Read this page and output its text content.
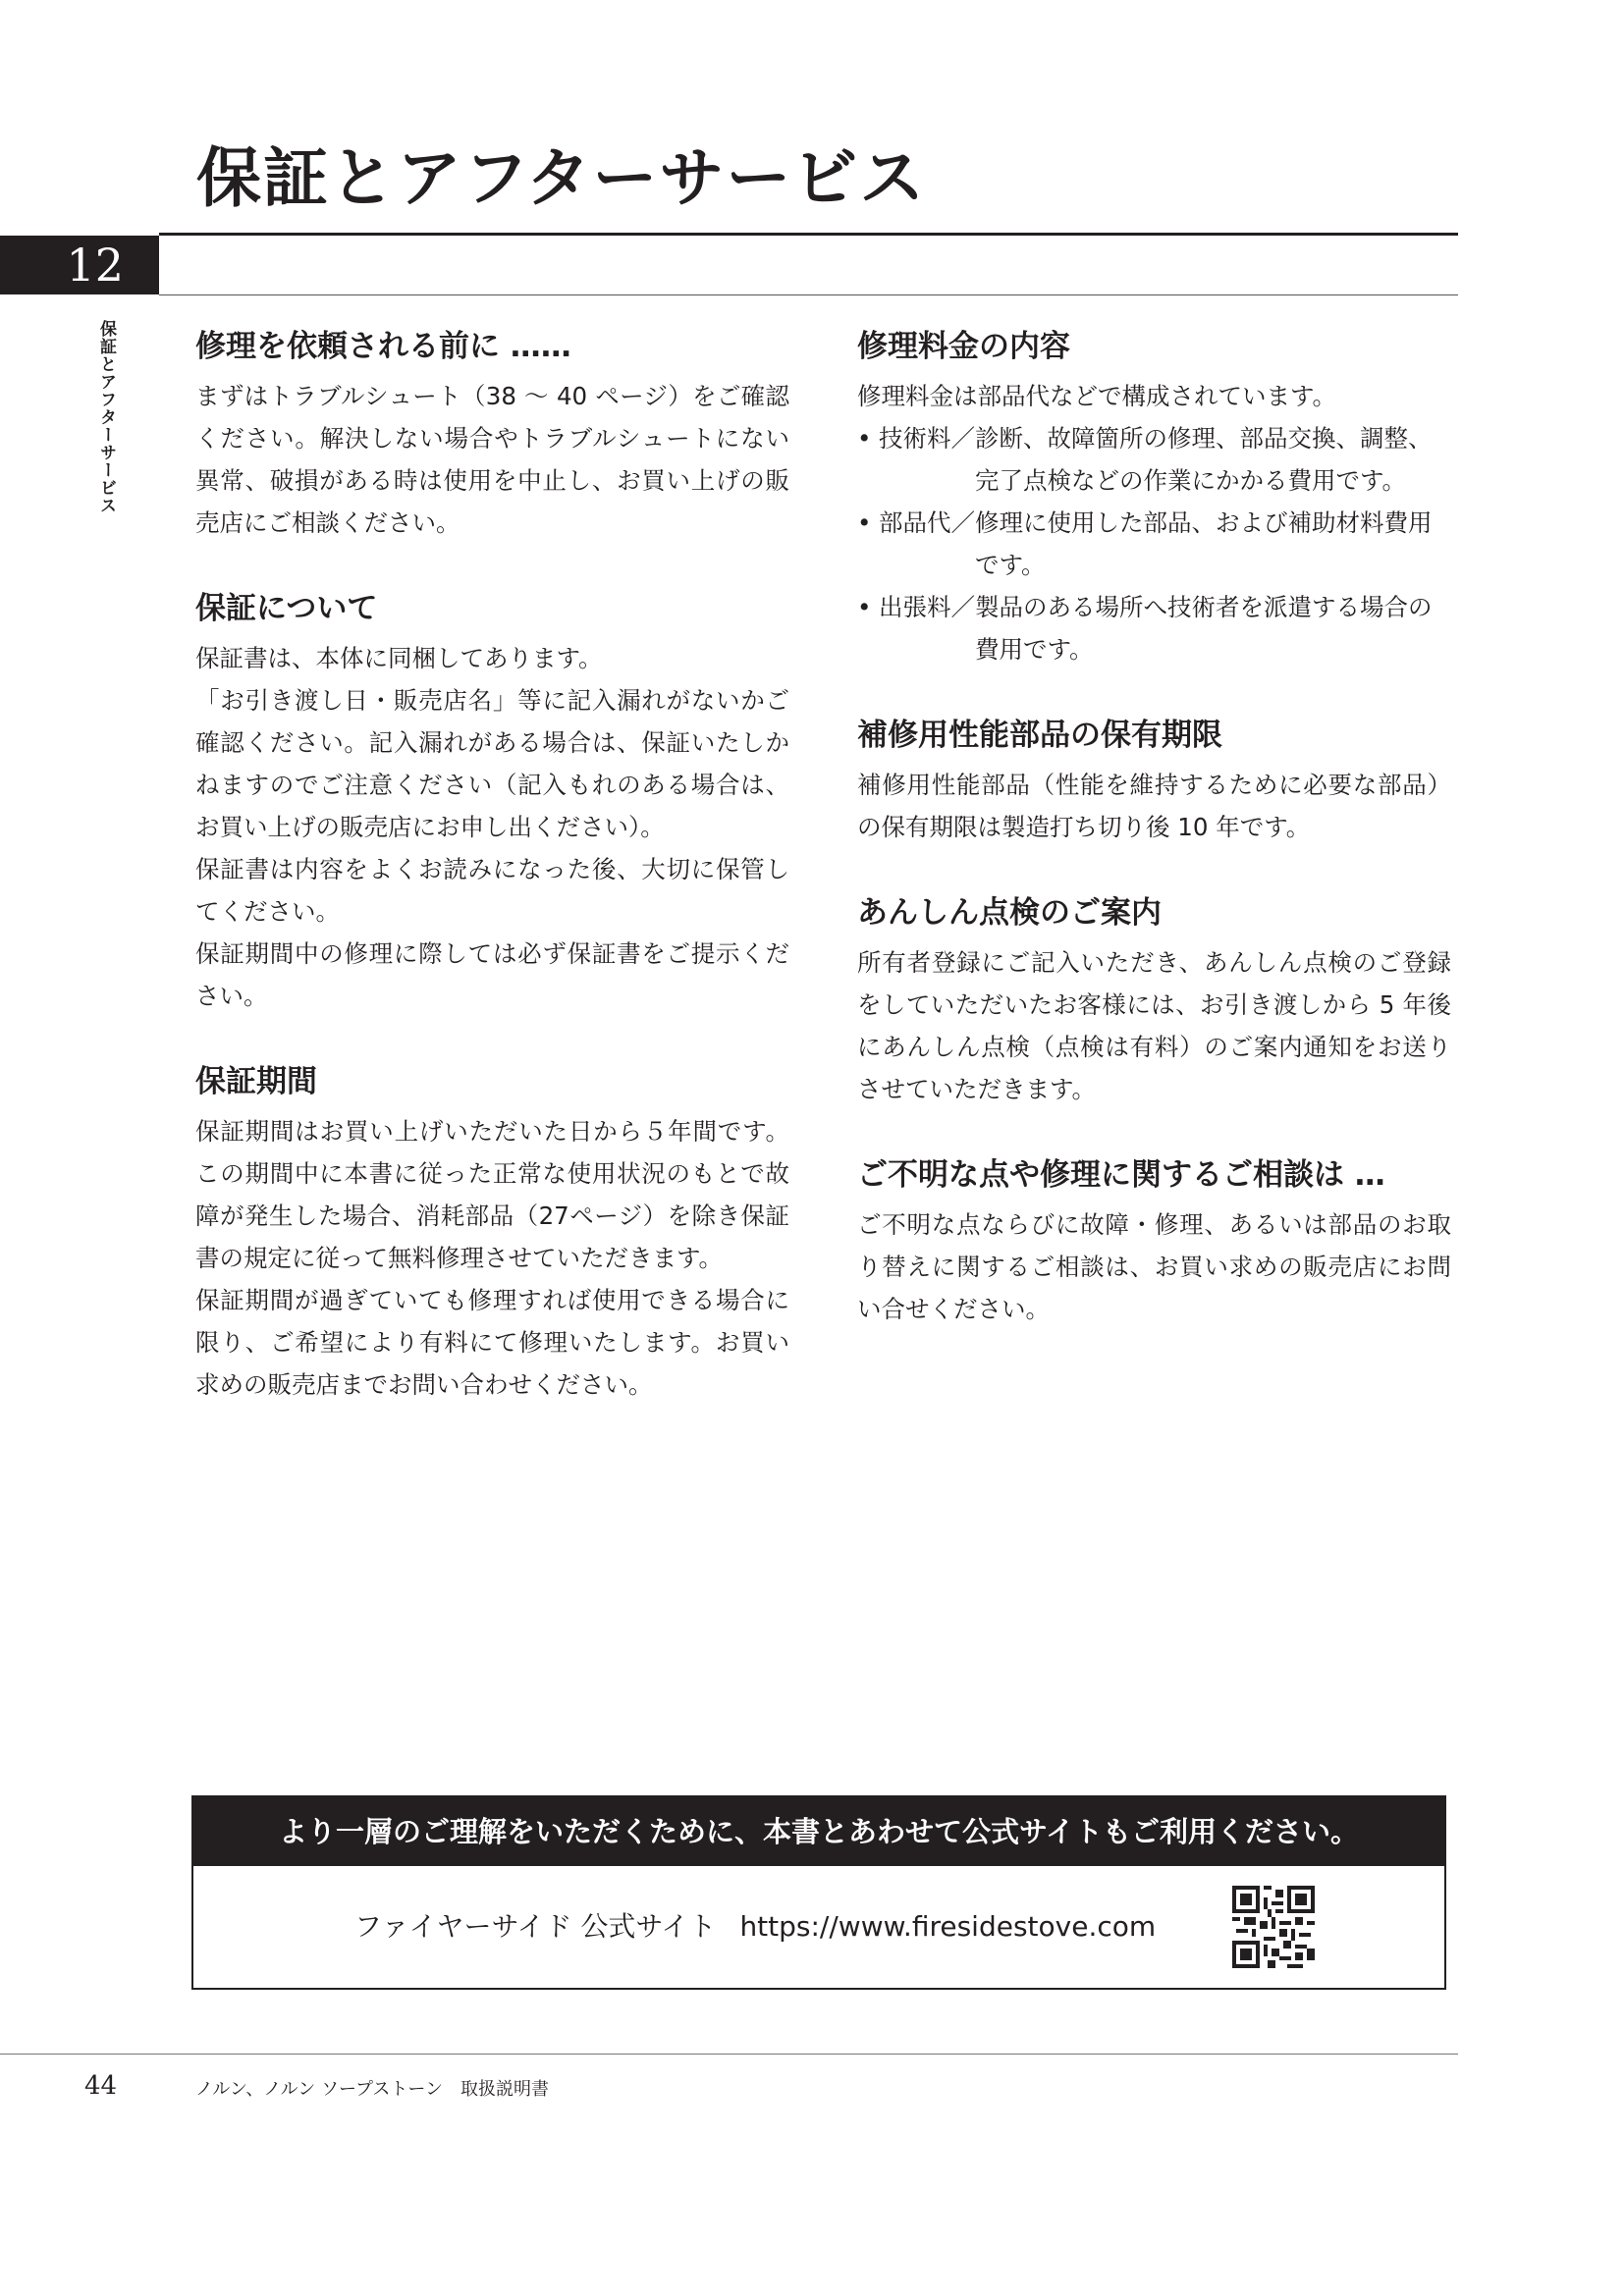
保証とアフターサービス
12
保証とアフターサービス	修理を依頼される前に ……

まずはトラブルシュート（38 ～ 40 ページ）をご確認ください。解決しない場合やトラブルシュートにない異常、破損がある時は使用を中止し、お買い上げの販売店にご相談ください。

保証について

保証書は、本体に同梱してあります。

「お引き渡し日・販売店名」等に記入漏れがないかご確認ください。記入漏れがある場合は、保証いたしかねますのでご注意ください（記入もれのある場合は、お買い上げの販売店にお申し出ください）。

保証書は内容をよくお読みになった後、大切に保管してください。

保証期間中の修理に際しては必ず保証書をご提示ください。

保証期間

保証期間はお買い上げいただいた日から５年間です。この期間中に本書に従った正常な使用状況のもとで故障が発生した場合、消耗部品（27ページ）を除き保証書の規定に従って無料修理させていただきます。

保証期間が過ぎていても修理すれば使用できる場合に限り、ご希望により有料にて修理いたします。お買い求めの販売店までお問い合わせください。

修理料金の内容

修理料金は部品代などで構成されています。

• 技術料／ 診断、故障箇所の修理、部品交換、調整、完了点検などの作業にかかる費用です。
• 部品代／ 修理に使用した部品、および補助材料費用です。
• 出張料／ 製品のある場所へ技術者を派遣する場合の費用です。
補修用性能部品の保有期限

補修用性能部品（性能を維持するために必要な部品）の保有期限は製造打ち切り後 10 年です。

あんしん点検のご案内

所有者登録にご記入いただき、あんしん点検のご登録をしていただいたお客様には、お引き渡しから 5 年後にあんしん点検（点検は有料）のご案内通知をお送りさせていただきます。

ご不明な点や修理に関するご相談は …

ご不明な点ならびに故障・修理、あるいは部品のお取り替えに関するご相談は、お買い求めの販売店にお問い合せください。

より一層のご理解をいただくために、本書とあわせて公式サイトもご利用ください。
ファイヤーサイド 公式サイト https://www.firesidestove.com
44	ノルン、ノルン ソープストーン　取扱説明書
